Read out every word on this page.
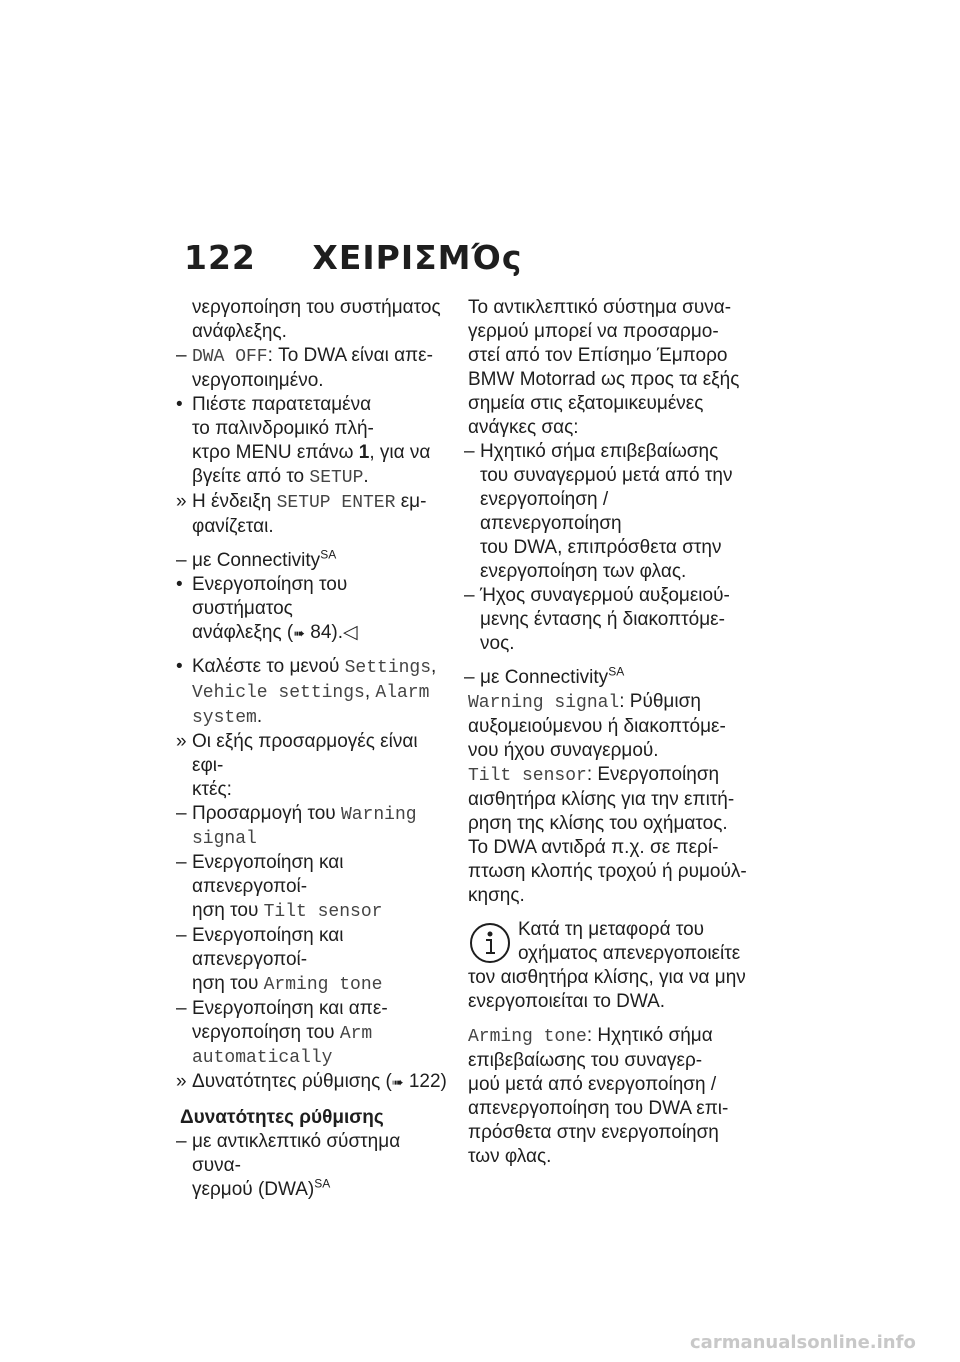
122 ΧΕΙΡΙΣΜΌς
νεργοποίηση του συστήματος
ανάφλεξης.
– DWA OFF: Το DWA είναι απε-
νεργοποιημένο.
• Πιέστε παρατεταμένα
το παλινδρομικό πλή-
κτρο MENU επάνω 1, για να
βγείτε από το SETUP.
» Η ένδειξη SETUP ENTER εμ-
φανίζεται.
– με Connectivity$^{SA}$
• Ενεργοποίηση του συστήματος
ανάφλεξης (➠ 84).◁
• Καλέστε το μενού Settings,
Vehicle settings, Alarm
system.
» Οι εξής προσαρμογές είναι εφι-
κτές:
– Προσαρμογή του Warning
signal
– Ενεργοποίηση και απενεργοποί-
ηση του Tilt sensor
– Ενεργοποίηση και απενεργοποί-
ηση του Arming tone
– Ενεργοποίηση και απε-
νεργοποίηση του Arm
automatically
» Δυνατότητες ρύθμισης (➠ 122)
Δυνατότητες ρύθμισης
– με αντικλεπτικό σύστημα συνα-
γερμού (DWA)$^{SA}$
Το αντικλεπτικό σύστημα συνα-
γερμού μπορεί να προσαρμο-
στεί από τον Επίσημο Έμπορο
BMW Motorrad ως προς τα εξής
σημεία στις εξατομικευμένες
ανάγκες σας:
– Ηχητικό σήμα επιβεβαίωσης
του συναγερμού μετά από την
ενεργοποίηση / απενεργοποίηση
του DWA, επιπρόσθετα στην
ενεργοποίηση των φλας.
– Ήχος συναγερμού αυξομειού-
μενης έντασης ή διακοπτόμε-
νος.
– με Connectivity$^{SA}$
Warning signal: Ρύθμιση
αυξομειούμενου ή διακοπτόμε-
νου ήχου συναγερμού.
Tilt sensor: Ενεργοποίηση
αισθητήρα κλίσης για την επιτή-
ρηση της κλίσης του οχήματος.
Το DWA αντιδρά π.χ. σε περί-
πτωση κλοπής τροχού ή ρυμούλ-
κησης.
Κατά τη μεταφορά του
οχήματος απενεργοποιείτε
τον αισθητήρα κλίσης, για να μην
ενεργοποιείται το DWA.
Arming tone: Ηχητικό σήμα
επιβεβαίωσης του συναγερ-
μού μετά από ενεργοποίηση /
απενεργοποίηση του DWA επι-
πρόσθετα στην ενεργοποίηση
των φλας.
carmanualsonline.info
